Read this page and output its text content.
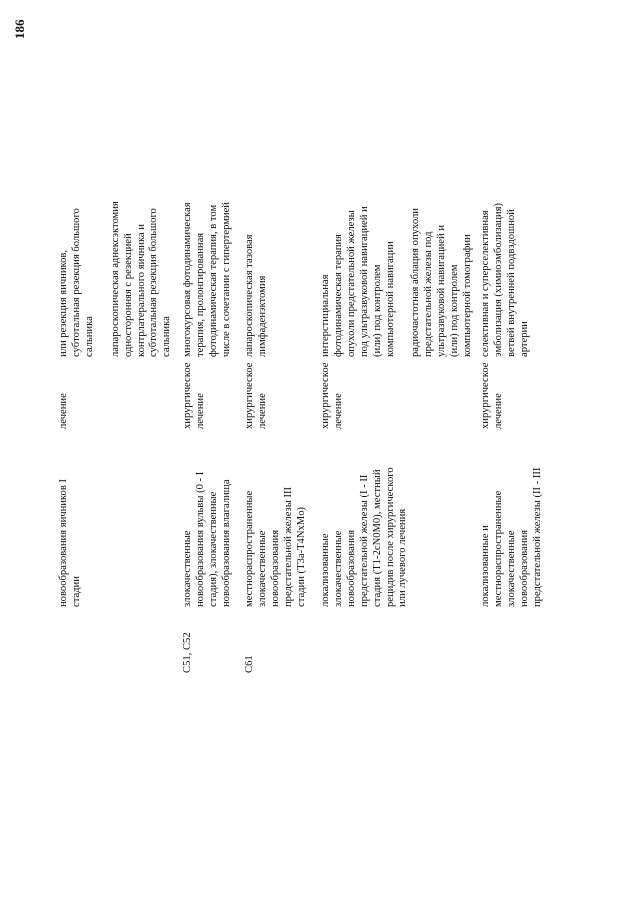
186
новообразования яичников I стадии
лечение
или резекция яичников, субтотальная резекция большого сальника лапароскопическая аднексэктомия односторонняя с резекцией контрлатерального яичника и субтотальная резекция большого сальника
C51, C52
злокачественные новообразования вульвы (0 - I стадия), злокачественные новообразования влагалища
хирургическое лечение
многокурсовая фотодинамическая терапия, пролонгированная фотодинамическая терапия, в том числе в сочетании с гипертермией
C61
местнораспространенные злокачественные новообразования предстательной железы III стадии (T3a-T4NxMo)
хирургическое лечение
лапароскопическая тазовая лимфаденэктомия
локализованные злокачественные новообразования предстательной железы (I - II стадия (T1-2cN0M0), местный рецидив после хирургического или лучевого лечения
хирургическое лечение
интерстициальная фотодинамическая терапия опухоли предстательной железы под ультразвуковой навигацией и (или) под контролем компьютерной навигации радиочастотная аблация опухоли предстательной железы под ультразвуковой навигацией и (или) под контролем компьютерной томографии
локализованные и местнораспространенные злокачественные новообразования предстательной железы (II - III
хирургическое лечение
селективная и суперселективная эмболизация (химиоэмболизация) ветвей внутренней подвздошной артерии
